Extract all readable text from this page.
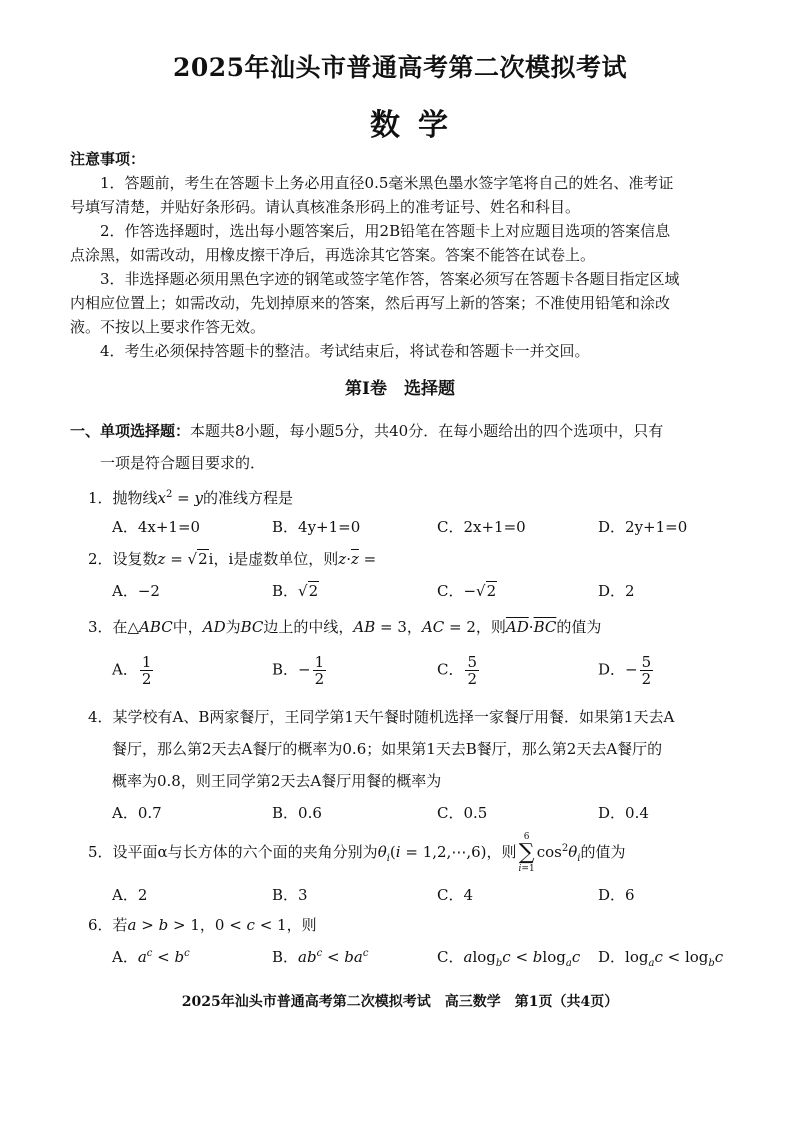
2025年汕头市普通高考第二次模拟考试
数学
注意事项：
1．答题前，考生在答题卡上务必用直径0.5毫米黑色墨水签字笔将自己的姓名、准考证
号填写清楚，并贴好条形码。请认真核准条形码上的准考证号、姓名和科目。
2．作答选择题时，选出每小题答案后，用2B铅笔在答题卡上对应题目选项的答案信息
点涂黑，如需改动，用橡皮擦干净后，再选涂其它答案。答案不能答在试卷上。
3．非选择题必须用黑色字迹的钢笔或签字笔作答，答案必须写在答题卡各题目指定区域
内相应位置上；如需改动，先划掉原来的答案，然后再写上新的答案；不准使用铅笔和涂改
液。不按以上要求作答无效。
4．考生必须保持答题卡的整洁。考试结束后，将试卷和答题卡一并交回。
第Ⅰ卷　选择题
一、单项选择题：本题共8小题，每小题5分，共40分．在每小题给出的四个选项中，只有
一项是符合题目要求的．
1．抛物线$x^2 = y$的准线方程是
A．4x+1=0	B．4y+1=0	C．2x+1=0	D．2y+1=0
2．设复数z = √2i，i是虚数单位，则$z\cdot\overline{z}$ =
A．−2	B．√2	C．−√2	D．2
3．在△ABC中，AD为BC边上的中线，AB = 3，AC = 2，则$\overline{AD}\cdot\overline{BC}$的值为
A． $\frac{1}{2}$	B．− $\frac{1}{2}$	C． $\frac{5}{2}$	D．− $\frac{5}{2}$
4．某学校有A、B两家餐厅，王同学第1天午餐时随机选择一家餐厅用餐．如果第1天去A
餐厅，那么第2天去A餐厅的概率为0.6；如果第1天去B餐厅，那么第2天去A餐厅的
概率为0.8，则王同学第2天去A餐厅用餐的概率为
A．0.7	B．0.6	C．0.5	D．0.4
5．设平面α与长方体的六个面的夹角分别为$\theta_i(i$ = 1,2,⋯,6)，则
6
∑
i=1
$\cos^2\theta_i$的值为
A．2	B．3	C．4	D．6
6．若a > b > 1，0 < c < 1，则
A．$a^c < b^c$	B．$ab^c < ba^c$	C．alog$_b$c < blog$_a$c D．$\log_ac < \log_bc$
2025年汕头市普通高考第二次模拟考试　高三数学　第1页（共4页）
